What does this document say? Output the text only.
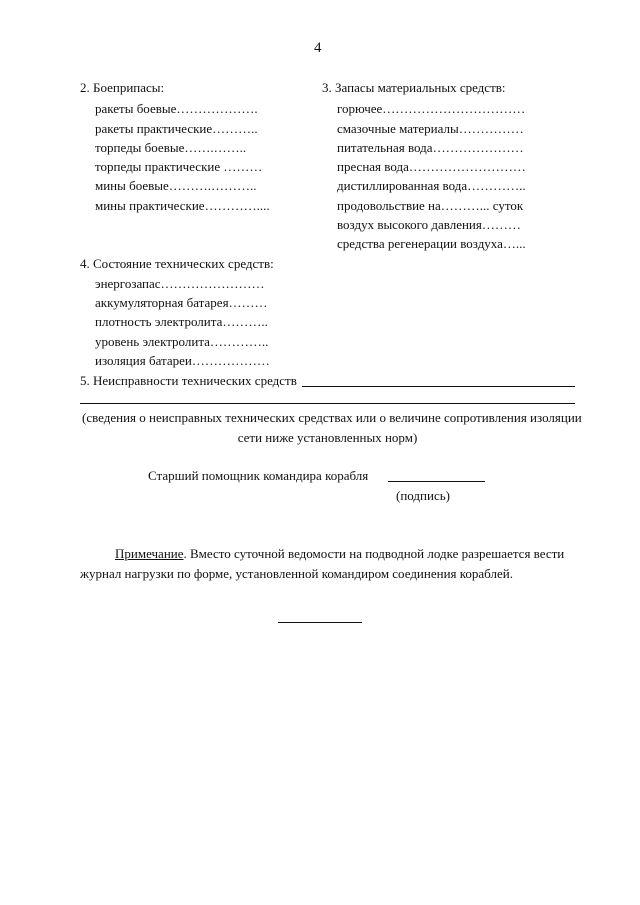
4
2. Боеприпасы:
ракеты боевые……………….
ракеты практические………..
торпеды боевые…….……..
торпеды практические ………
мины боевые……….………..
мины практические…………....
3. Запасы материальных средств:
горючее……………………………
смазочные материалы……………
питательная вода…………………
пресная вода………………………
дистиллированная вода…………..
продовольствие на………... суток
воздух высокого давления………
средства регенерации воздуха…...
4. Состояние технических средств:
энергозапас……………………
аккумуляторная батарея………
плотность электролита………..
уровень электролита…………..
изоляция батареи………………
5. Неисправности технических средств
(сведения о неисправных технических средствах или о величине сопротивления изоляции
сети ниже установленных норм)
Старший помощник командира корабля
(подпись)
Примечание. Вместо суточной ведомости на подводной лодке разрешается вести
журнал нагрузки по форме, установленной командиром соединения кораблей.
